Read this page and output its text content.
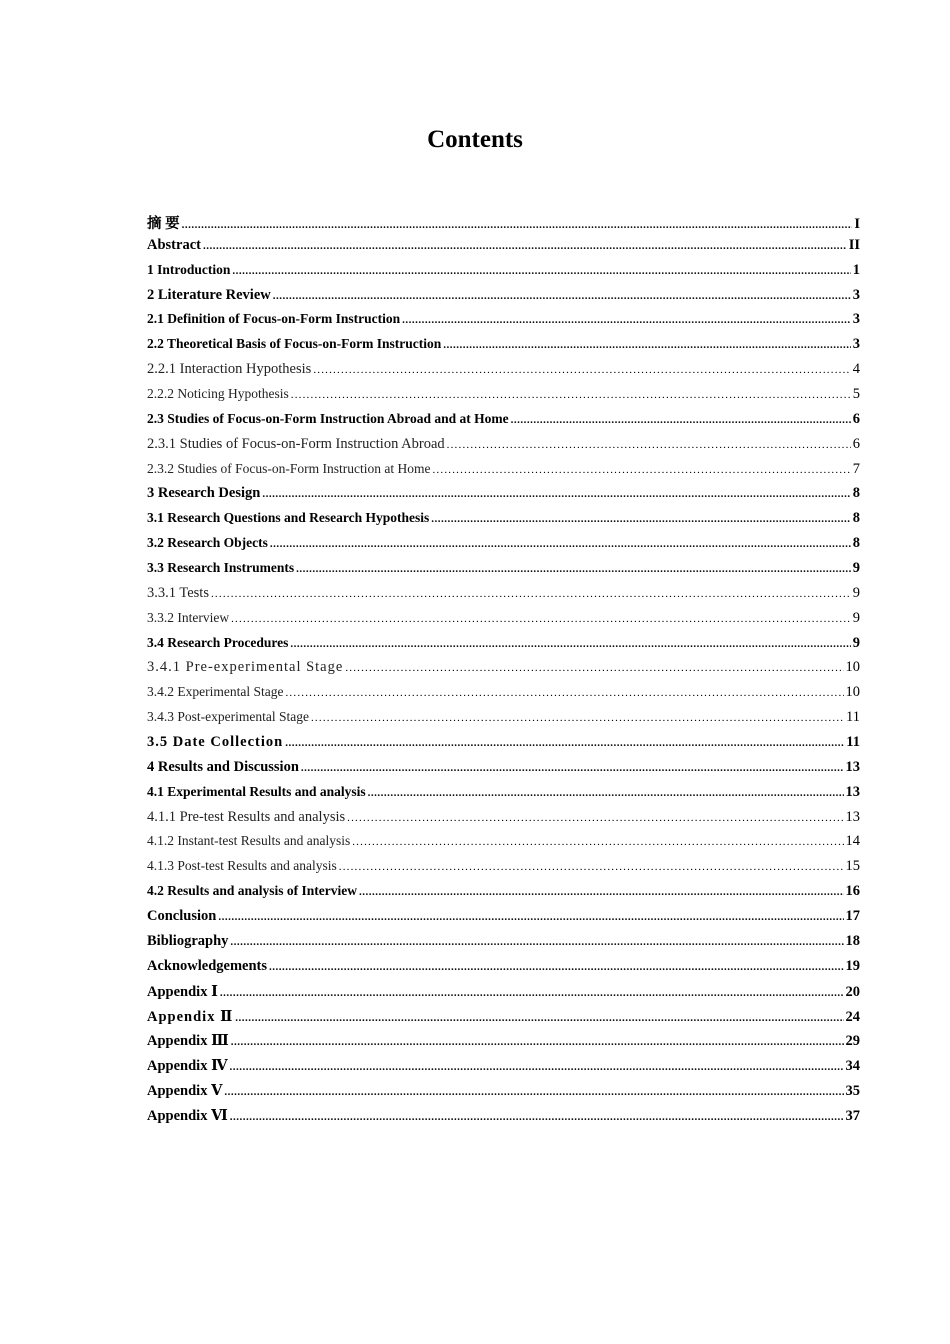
Contents
摘 要 .....	I
Abstract .....	II
1 Introduction .....	1
2 Literature Review .....	3
2.1 Definition of Focus-on-Form Instruction .....	3
2.2 Theoretical Basis of Focus-on-Form Instruction .....	3
2.2.1 Interaction Hypothesis .....	4
2.2.2 Noticing Hypothesis .....	5
2.3 Studies of Focus-on-Form Instruction Abroad and at Home .....	6
2.3.1 Studies of Focus-on-Form Instruction Abroad .....	6
2.3.2 Studies of Focus-on-Form Instruction at Home .....	7
3 Research Design .....	8
3.1 Research Questions and Research Hypothesis .....	8
3.2 Research Objects .....	8
3.3 Research Instruments .....	9
3.3.1 Tests .....	9
3.3.2 Interview .....	9
3.4 Research Procedures .....	9
3.4.1 Pre-experimental Stage .....	10
3.4.2 Experimental Stage .....	10
3.4.3 Post-experimental Stage .....	11
3.5 Date Collection .....	11
4 Results and Discussion .....	13
4.1 Experimental Results and analysis .....	13
4.1.1 Pre-test Results and analysis .....	13
4.1.2 Instant-test Results and analysis .....	14
4.1.3 Post-test Results and analysis .....	15
4.2 Results and analysis of Interview .....	16
Conclusion .....	17
Bibliography .....	18
Acknowledgements .....	19
Appendix Ⅰ .....	20
Appendix Ⅱ .....	24
Appendix Ⅲ .....	29
Appendix Ⅳ .....	34
Appendix Ⅴ .....	35
Appendix Ⅵ .....	37
